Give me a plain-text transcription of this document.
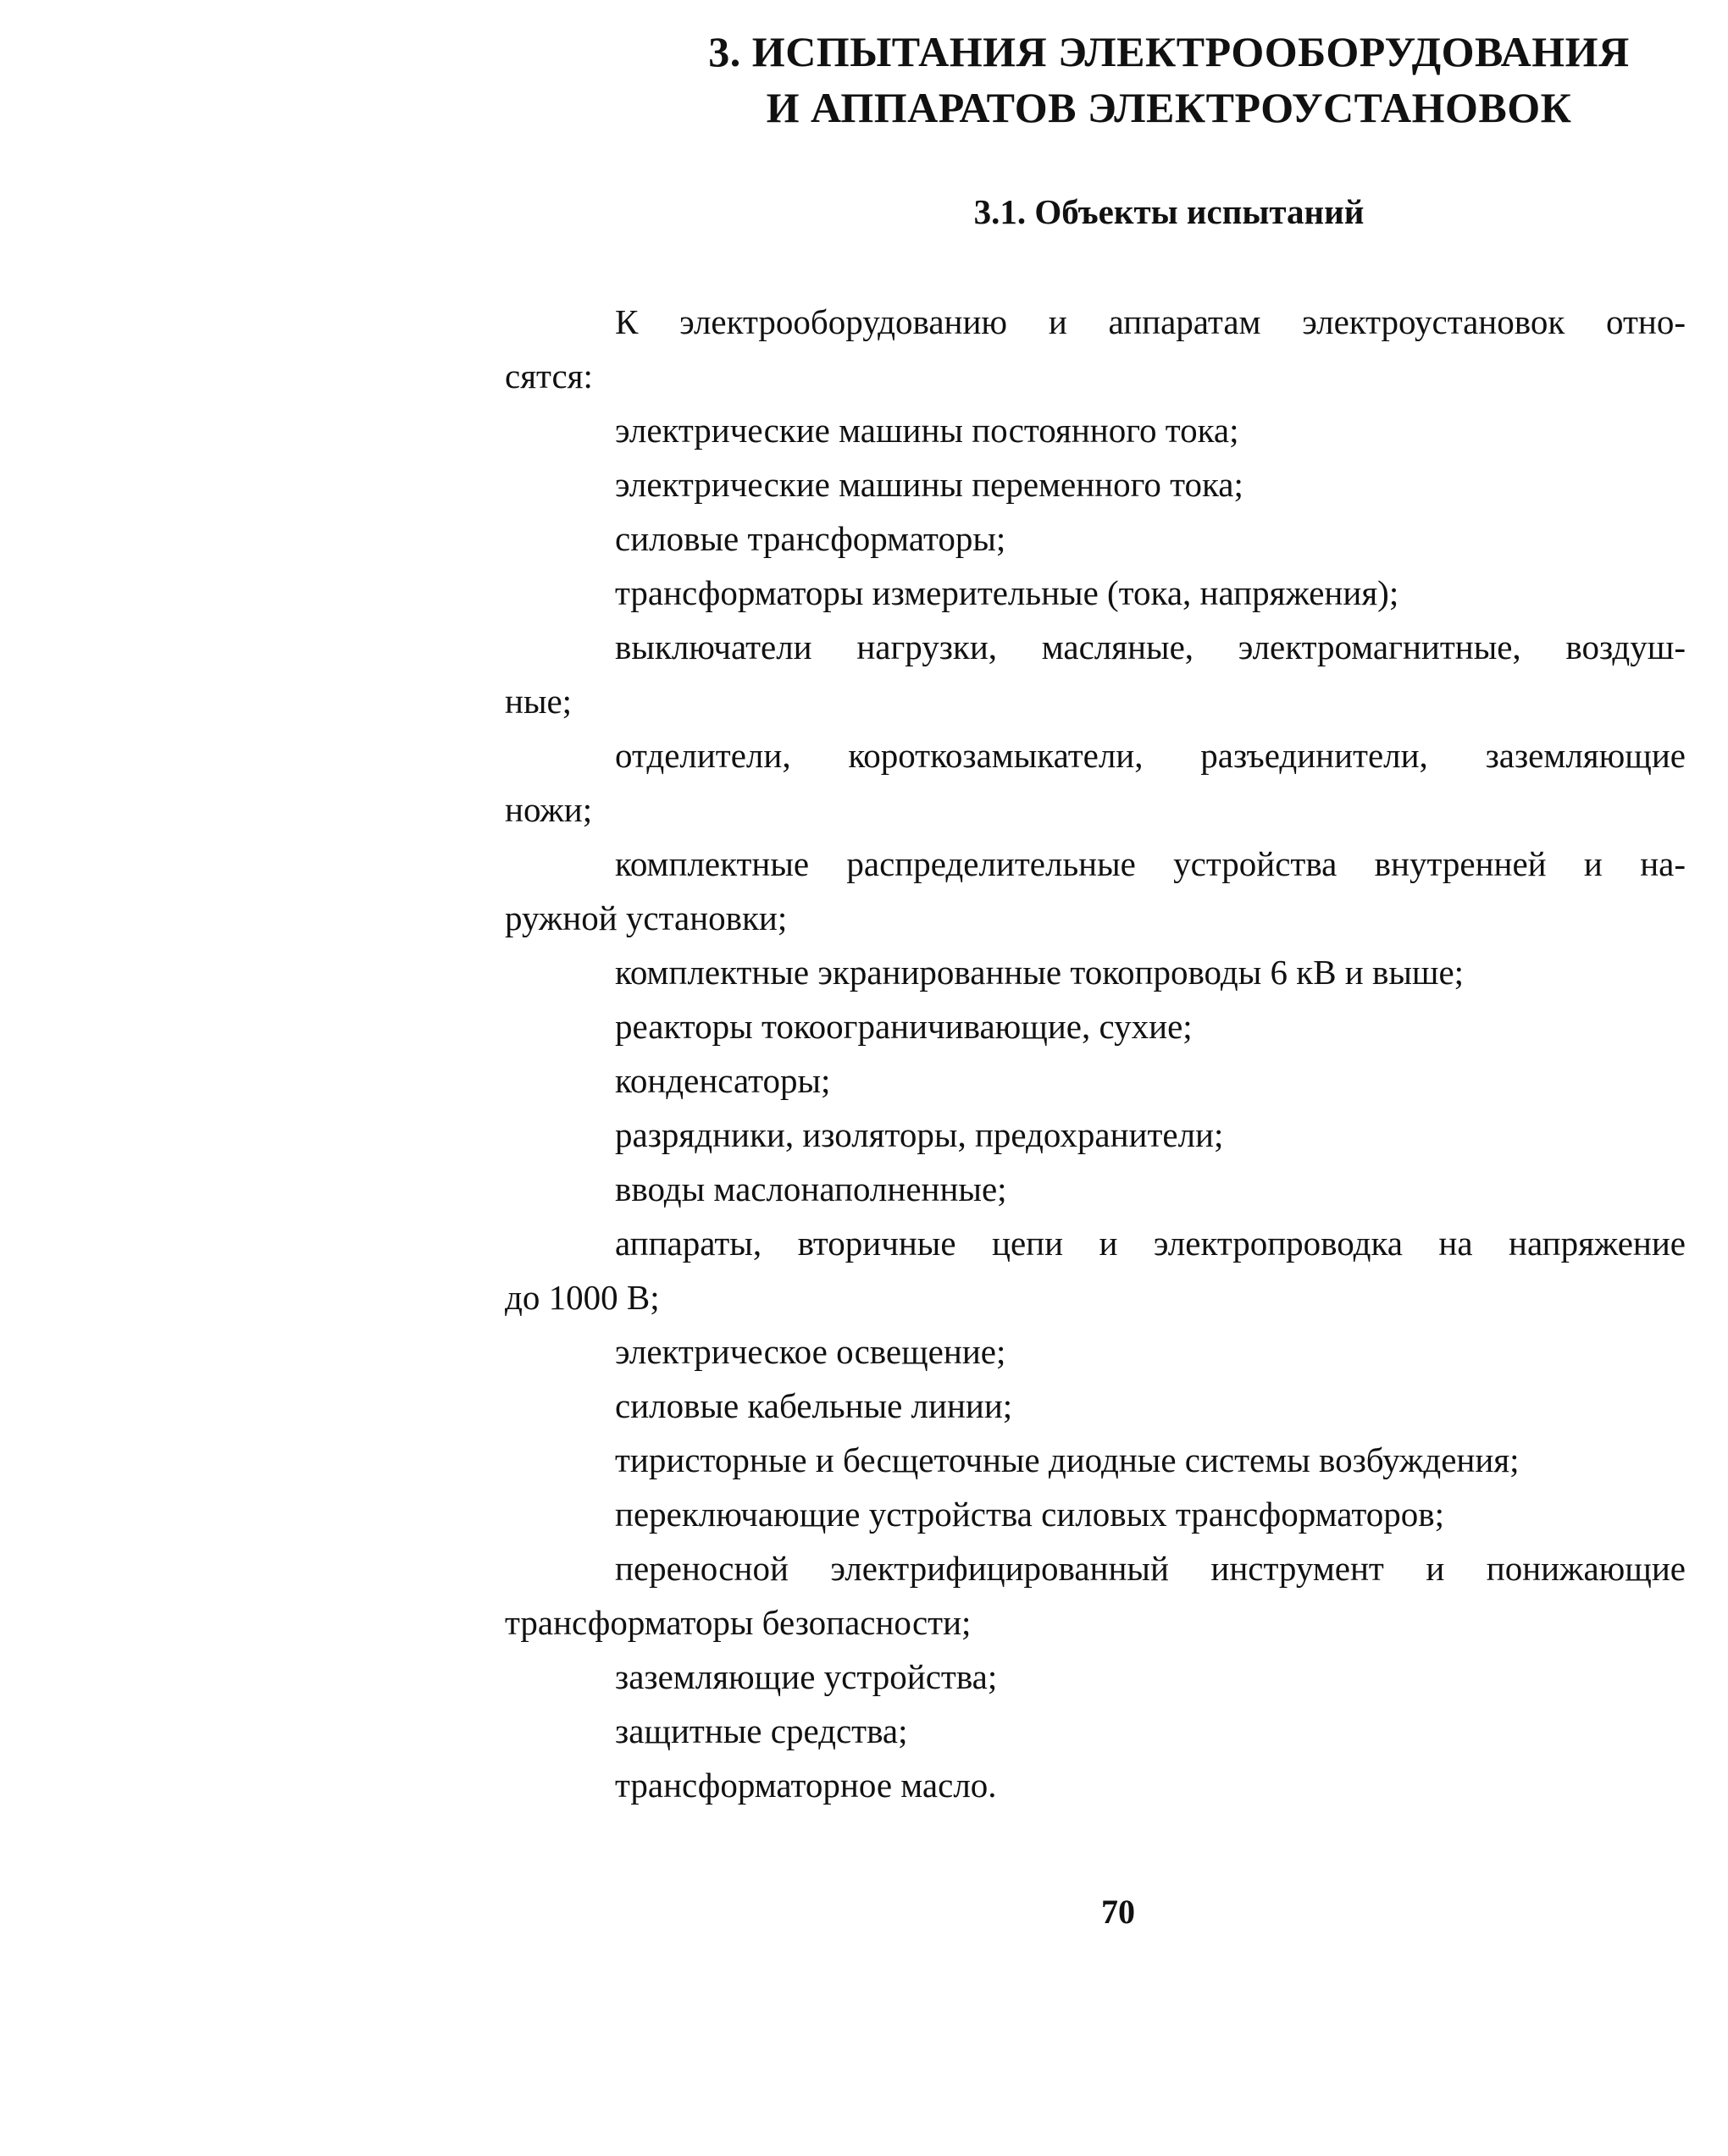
3. ИСПЫТАНИЯ ЭЛЕКТРООБОРУДОВАНИЯ
И АППАРАТОВ ЭЛЕКТРОУСТАНОВОК
3.1. Объекты испытаний
К электрооборудованию и аппаратам электроустановок отно-
сятся:
электрические машины постоянного тока;
электрические машины переменного тока;
силовые трансформаторы;
трансформаторы измерительные (тока, напряжения);
выключатели нагрузки, масляные, электромагнитные, воздуш-
ные;
отделители, короткозамыкатели, разъединители, заземляющие
ножи;
комплектные распределительные устройства внутренней и на-
ружной установки;
комплектные экранированные токопроводы 6 кВ и выше;
реакторы токоограничивающие, сухие;
конденсаторы;
разрядники, изоляторы, предохранители;
вводы маслонаполненные;
аппараты, вторичные цепи и электропроводка на напряжение
до 1000 В;
электрическое освещение;
силовые кабельные линии;
тиристорные и бесщеточные диодные системы возбуждения;
переключающие устройства силовых трансформаторов;
переносной электрифицированный инструмент и понижающие
трансформаторы безопасности;
заземляющие устройства;
защитные средства;
трансформаторное масло.
70
